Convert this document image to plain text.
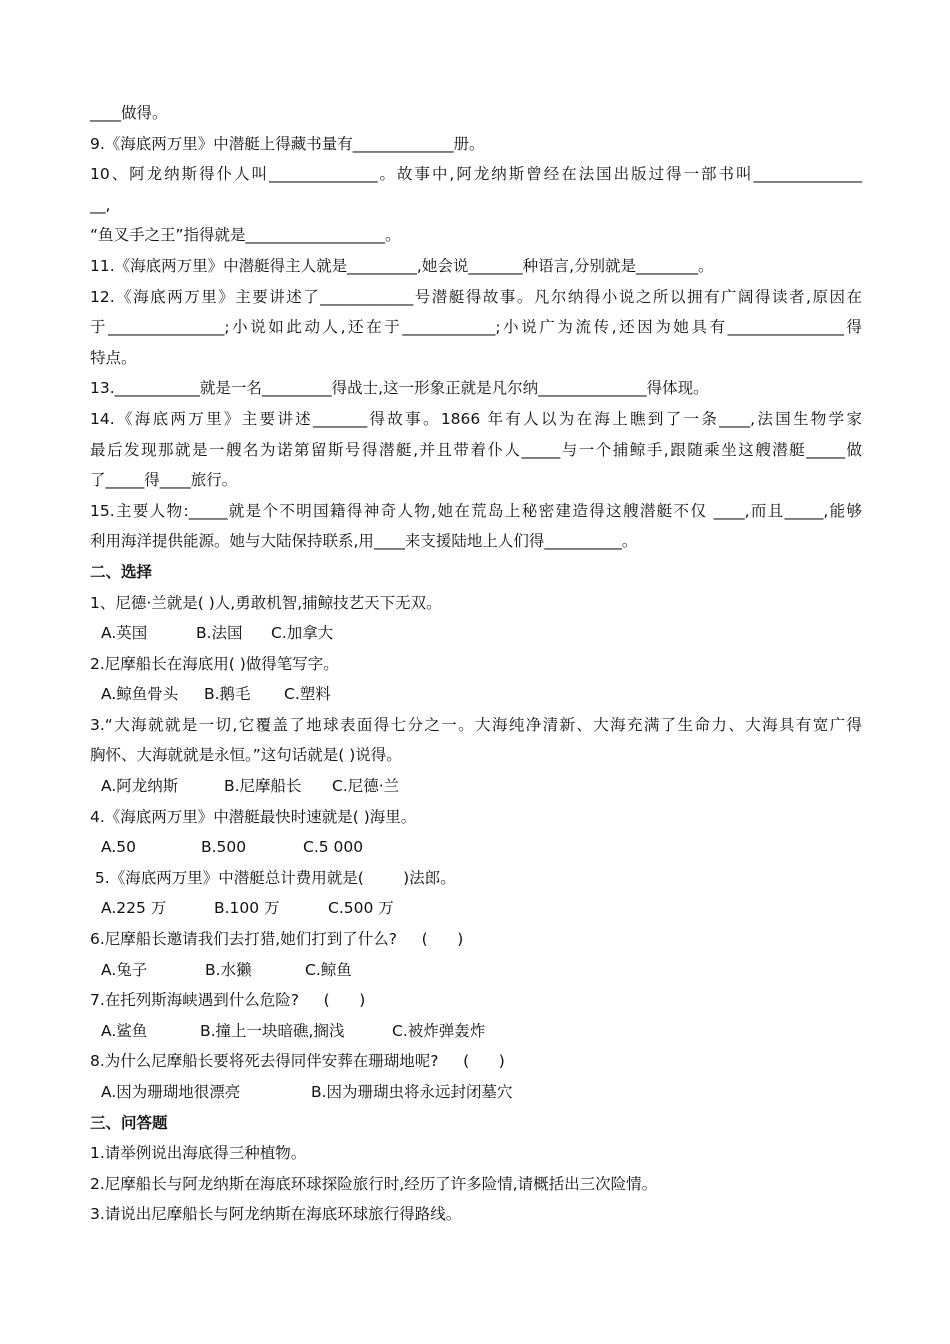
____做得。
9.《海底两万里》中潜艇上得藏书量有_____________册。
10、阿龙纳斯得仆人叫______________。故事中,阿龙纳斯曾经在法国出版过得一部书叫______________
__,
“鱼叉手之王”指得就是__________________。
11.《海底两万里》中潜艇得主人就是_________,她会说_______种语言,分别就是________。
12.《海底两万里》主要讲述了____________号潜艇得故事。凡尔纳得小说之所以拥有广阔得读者,原因在
于_______________;小说如此动人,还在于____________;小说广为流传,还因为她具有_______________得
特点。
13.___________就是一名_________得战士,这一形象正就是凡尔纳______________得体现。
14.《海底两万里》主要讲述_______得故事。1866 年有人以为在海上瞧到了一条____,法国生物学家
最后发现那就是一艘名为诺第留斯号得潜艇,并且带着仆人_____与一个捕鲸手,跟随乘坐这艘潜艇_____做
了_____得____旅行。
15.主要人物:_____就是个不明国籍得神奇人物,她在荒岛上秘密建造得这艘潜艇不仅 ____,而且_____,能够
利用海洋提供能源。她与大陆保持联系,用____来支援陆地上人们得__________。
二、选择
1、尼德·兰就是( )人,勇敢机智,捕鲸技艺天下无双。
A.英国	B.法国 C.加拿大
2.尼摩船长在海底用( )做得笔写字。
A.鲸鱼骨头 B.鹅毛 C.塑料
3.“大海就就是一切,它覆盖了地球表面得七分之一。大海纯净清新、大海充满了生命力、大海具有宽广得
胸怀、大海就就是永恒。”这句话就是( )说得。
A.阿龙纳斯	B.尼摩船长 C.尼德·兰
4.《海底两万里》中潜艇最快时速就是( )海里。
A.50	B.500	C.5 000
5.《海底两万里》中潜艇总计费用就是(        )法郎。
A.225 万	B.100 万	C.500 万
6.尼摩船长邀请我们去打猎,她们打到了什么?     (      )
A.兔子	B.水獭	C.鲸鱼
7.在托列斯海峡遇到什么危险?     (      )
A.鲨鱼	B.撞上一块暗礁,搁浅	C.被炸弹轰炸
8.为什么尼摩船长要将死去得同伴安葬在珊瑚地呢?     (      )
A.因为珊瑚地很漂亮	B.因为珊瑚虫将永远封闭墓穴
三、问答题
1.请举例说出海底得三种植物。
2.尼摩船长与阿龙纳斯在海底环球探险旅行时,经历了许多险情,请概括出三次险情。
3.请说出尼摩船长与阿龙纳斯在海底环球旅行得路线。
